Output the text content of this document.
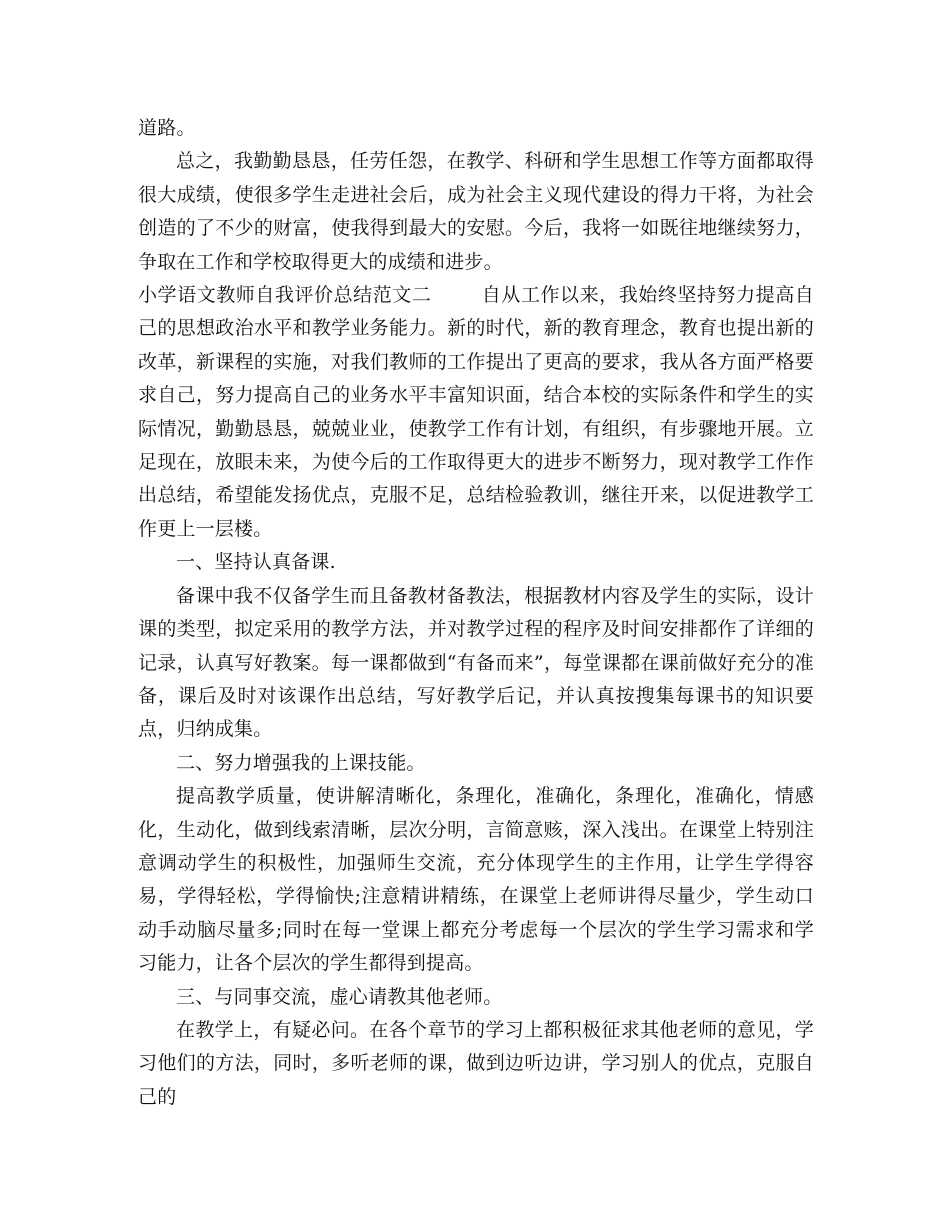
道路。

总之，我勤勤恳恳，任劳任怨，在教学、科研和学生思想工作等方面都取得很大成绩，使很多学生走进社会后，成为社会主义现代建设的得力干将，为社会创造的了不少的财富，使我得到最大的安慰。今后，我将一如既往地继续努力，争取在工作和学校取得更大的成绩和进步。

小学语文教师自我评价总结范文二	自从工作以来，我始终坚持努力提高自己的思想政治水平和教学业务能力。新的时代，新的教育理念，教育也提出新的改革，新课程的实施，对我们教师的工作提出了更高的要求，我从各方面严格要求自己，努力提高自己的业务水平丰富知识面，结合本校的实际条件和学生的实际情况，勤勤恳恳，兢兢业业，使教学工作有计划，有组织，有步骤地开展。立足现在，放眼未来，为使今后的工作取得更大的进步不断努力，现对教学工作作出总结，希望能发扬优点，克服不足，总结检验教训，继往开来，以促进教学工作更上一层楼。

一、坚持认真备课.

备课中我不仅备学生而且备教材备教法，根据教材内容及学生的实际，设计课的类型，拟定采用的教学方法，并对教学过程的程序及时间安排都作了详细的记录，认真写好教案。每一课都做到“有备而来”，每堂课都在课前做好充分的准备，课后及时对该课作出总结，写好教学后记，并认真按搜集每课书的知识要点，归纳成集。

二、努力增强我的上课技能。

提高教学质量，使讲解清晰化，条理化，准确化，条理化，准确化，情感化，生动化，做到线索清晰，层次分明，言简意赅，深入浅出。在课堂上特别注意调动学生的积极性，加强师生交流，充分体现学生的主作用，让学生学得容易，学得轻松，学得愉快;注意精讲精练，在课堂上老师讲得尽量少，学生动口动手动脑尽量多;同时在每一堂课上都充分考虑每一个层次的学生学习需求和学习能力，让各个层次的学生都得到提高。

三、与同事交流，虚心请教其他老师。

在教学上，有疑必问。在各个章节的学习上都积极征求其他老师的意见，学习他们的方法，同时，多听老师的课，做到边听边讲，学习别人的优点，克服自己的
